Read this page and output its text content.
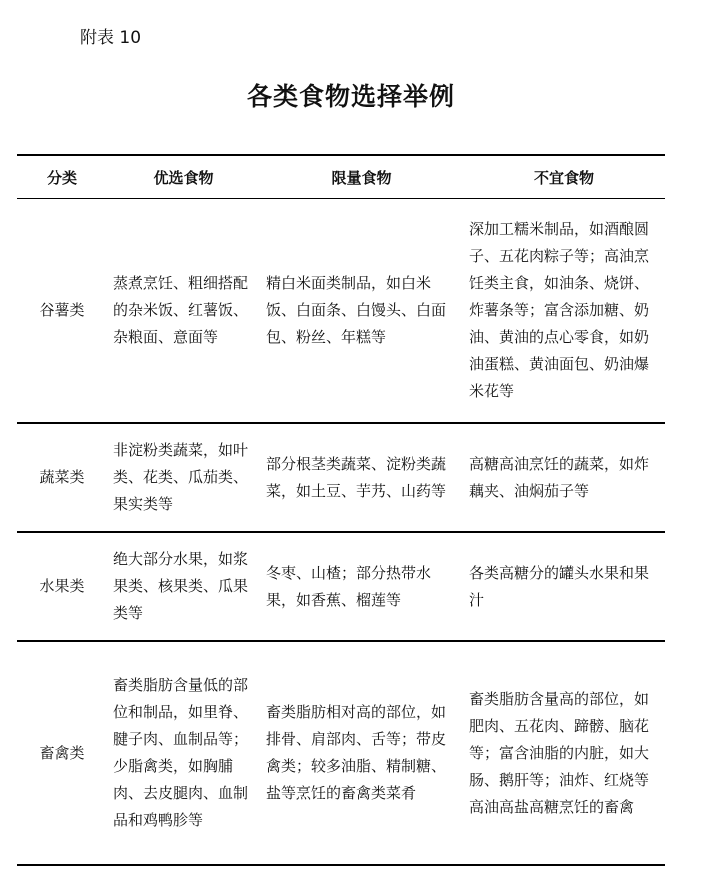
附表 10
各类食物选择举例
分类	优选食物	限量食物	不宜食物
谷薯类	蒸煮烹饪、粗细搭配的杂米饭、红薯饭、杂粮面、意面等	精白米面类制品，如白米饭、白面条、白馒头、白面包、粉丝、年糕等	深加工糯米制品，如酒酿圆子、五花肉粽子等；高油烹饪类主食，如油条、烧饼、炸薯条等；富含添加糖、奶油、黄油的点心零食，如奶油蛋糕、黄油面包、奶油爆米花等
蔬菜类	非淀粉类蔬菜，如叶类、花类、瓜茄类、果实类等	部分根茎类蔬菜、淀粉类蔬菜，如土豆、芋艿、山药等	高糖高油烹饪的蔬菜，如炸藕夹、油焖茄子等
水果类	绝大部分水果，如浆果类、核果类、瓜果类等	冬枣、山楂；部分热带水果，如香蕉、榴莲等	各类高糖分的罐头水果和果汁
畜禽类	畜类脂肪含量低的部位和制品，如里脊、腱子肉、血制品等；少脂禽类，如胸脯肉、去皮腿肉、血制品和鸡鸭胗等	畜类脂肪相对高的部位，如排骨、肩部肉、舌等；带皮禽类；较多油脂、精制糖、盐等烹饪的畜禽类菜肴	畜类脂肪含量高的部位，如肥肉、五花肉、蹄髈、脑花等；富含油脂的内脏，如大肠、鹅肝等；油炸、红烧等高油高盐高糖烹饪的畜禽
